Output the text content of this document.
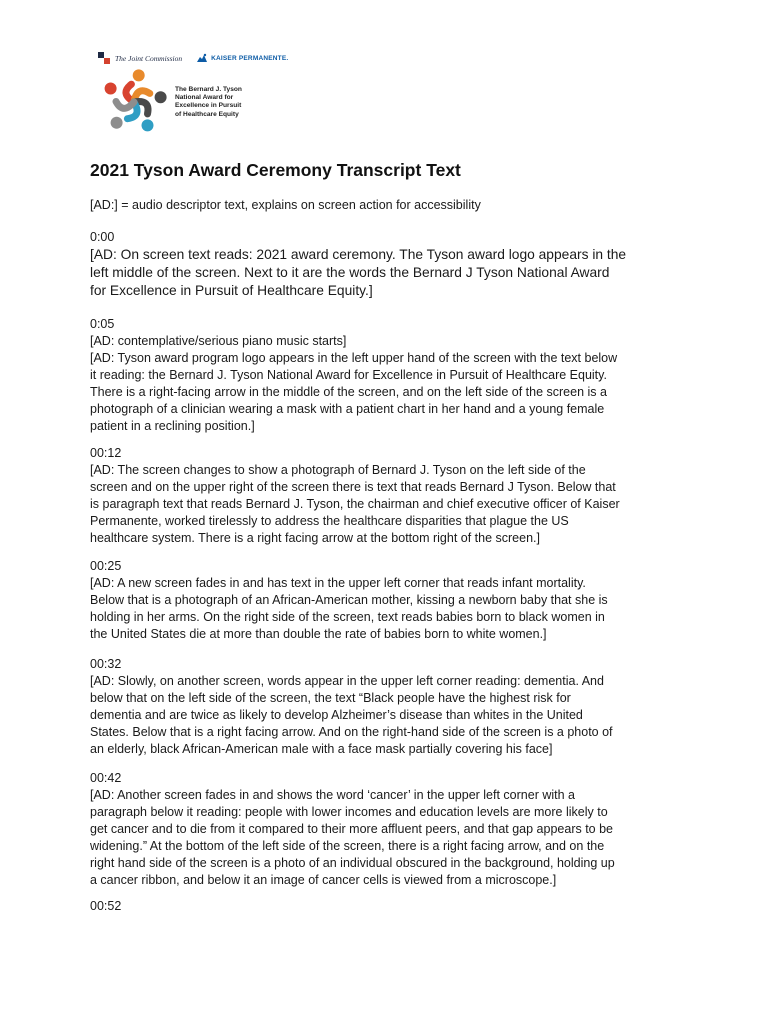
The Joint Commission	KAISER PERMANENTE.
The Bernard J. Tyson
National Award for
Excellence in Pursuit
of Healthcare Equity
2021 Tyson Award Ceremony Transcript Text
[AD:] = audio descriptor text, explains on screen action for accessibility
0:00
[AD: On screen text reads: 2021 award ceremony. The Tyson award logo appears in the
left middle of the screen. Next to it are the words the Bernard J Tyson National Award
for Excellence in Pursuit of Healthcare Equity.]
0:05
[AD: contemplative/serious piano music starts]
[AD: Tyson award program logo appears in the left upper hand of the screen with the text below
it reading: the Bernard J. Tyson National Award for Excellence in Pursuit of Healthcare Equity.
There is a right-facing arrow in the middle of the screen, and on the left side of the screen is a
photograph of a clinician wearing a mask with a patient chart in her hand and a young female
patient in a reclining position.]
00:12
[AD: The screen changes to show a photograph of Bernard J. Tyson on the left side of the
screen and on the upper right of the screen there is text that reads Bernard J Tyson. Below that
is paragraph text that reads Bernard J. Tyson, the chairman and chief executive officer of Kaiser
Permanente, worked tirelessly to address the healthcare disparities that plague the US
healthcare system. There is a right facing arrow at the bottom right of the screen.]
00:25
[AD: A new screen fades in and has text in the upper left corner that reads infant mortality.
Below that is a photograph of an African-American mother, kissing a newborn baby that she is
holding in her arms. On the right side of the screen, text reads babies born to black women in
the United States die at more than double the rate of babies born to white women.]
00:32
[AD: Slowly, on another screen, words appear in the upper left corner reading: dementia. And
below that on the left side of the screen, the text “Black people have the highest risk for
dementia and are twice as likely to develop Alzheimer’s disease than whites in the United
States. Below that is a right facing arrow. And on the right-hand side of the screen is a photo of
an elderly, black African-American male with a face mask partially covering his face]
00:42
[AD: Another screen fades in and shows the word ‘cancer’ in the upper left corner with a
paragraph below it reading: people with lower incomes and education levels are more likely to
get cancer and to die from it compared to their more affluent peers, and that gap appears to be
widening.” At the bottom of the left side of the screen, there is a right facing arrow, and on the
right hand side of the screen is a photo of an individual obscured in the background, holding up
a cancer ribbon, and below it an image of cancer cells is viewed from a microscope.]
00:52
